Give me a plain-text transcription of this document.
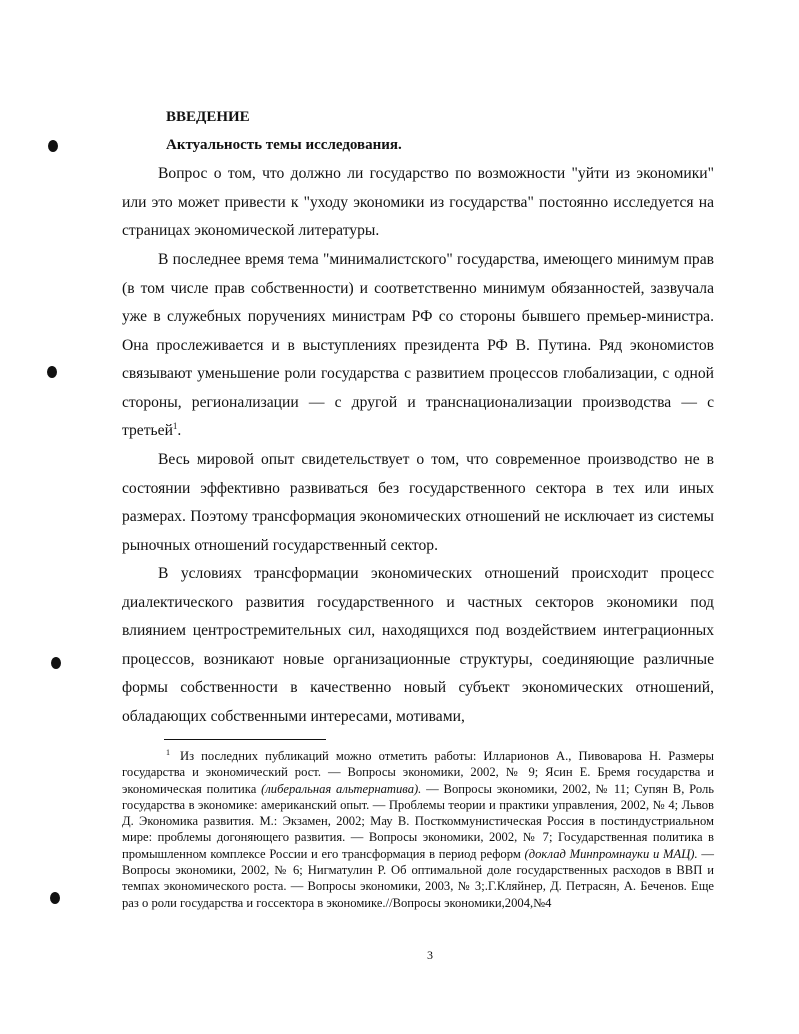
ВВЕДЕНИЕ
Актуальность темы исследования.

Вопрос о том, что должно ли государство по возможности "уйти из экономики" или это может привести к "уходу экономики из государства" постоянно исследуется на страницах экономической литературы.

В последнее время тема "минималистского" государства, имеющего минимум прав (в том числе прав собственности) и соответственно минимум обязанностей, зазвучала уже в служебных поручениях министрам РФ со стороны бывшего премьер-министра. Она прослеживается и в выступлениях президента РФ В. Путина. Ряд экономистов связывают уменьшение роли государства с развитием процессов глобализации, с одной стороны, регионализации — с другой и транснационализации производства — с третьей$^1$.

Весь мировой опыт свидетельствует о том, что современное производство не в состоянии эффективно развиваться без государственного сектора в тех или иных размерах. Поэтому трансформация экономических отношений не исключает из системы рыночных отношений государственный сектор.

В условиях трансформации экономических отношений происходит процесс диалектического развития государственного и частных секторов экономики под влиянием центростремительных сил, находящихся под воздействием интеграционных процессов, возникают новые организационные структуры, соединяющие различные формы собственности в качественно новый субъект экономических отношений, обладающих собственными интересами, мотивами,

$^1$ Из последних публикаций можно отметить работы: Илларионов А., Пивоварова Н. Размеры государства и экономический рост. — Вопросы экономики, 2002, № 9; Ясин Е. Бремя государства и экономическая политика (либеральная альтернатива). — Вопросы экономики, 2002, № 11; Супян В, Роль государства в экономике: американский опыт. — Проблемы теории и практики управления, 2002, № 4; Львов Д. Экономика развития. М.: Экзамен, 2002; Мау В. Посткоммунистическая Россия в постиндустриальном мире: проблемы догоняющего развития. — Вопросы экономики, 2002, № 7; Государственная политика в промышленном комплексе России и его трансформация в период реформ (доклад Минпромнауки и МАЦ). — Вопросы экономики, 2002, № 6; Нигматулин Р. Об оптимальной доле государственных расходов в ВВП и темпах экономического роста. — Вопросы экономики, 2003, № 3;.Г.Кляйнер, Д. Петрасян, А. Беченов. Еще раз о роли государства и госсектора в экономике.//Вопросы экономики,2004,№4

3
